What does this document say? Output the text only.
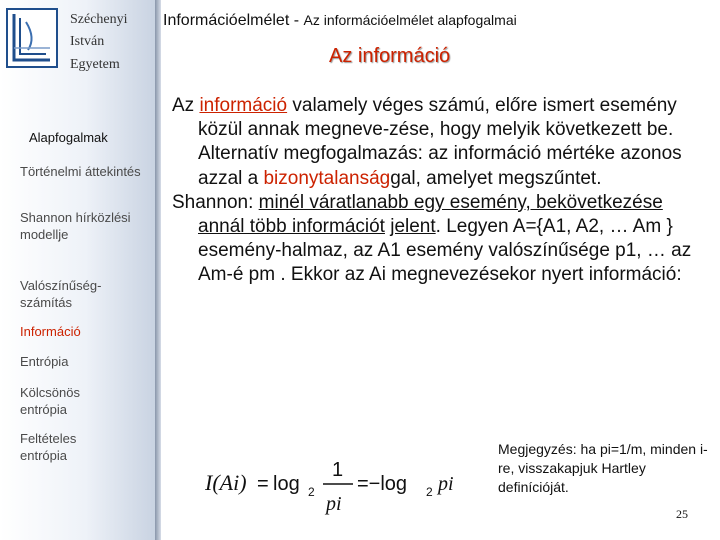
Széchenyi
István
Egyetem
Alapfogalmak
Történelmi áttekintés
Shannon hírközlési modellje
Valószínűség-számítás
Információ
Entrópia
Kölcsönös entrópia
Feltételes entrópia
Információelmélet - Az információelmélet alapfogalmai
Az információ

Az információ valamely véges számú, előre ismert esemény közül annak megneve-zése, hogy melyik következett be.

Alternatív megfogalmazás: az információ mértéke azonos azzal a bizonytalansággal, amelyet megszűntet.

Shannon: minél váratlanabb egy esemény, bekövetkezése annál több információt jelent. Legyen A={A1, A2, … Am } esemény-halmaz, az A1 esemény valószínűsége p1, … az Am-é pm . Ekkor az Ai megnevezésekor nyert információ:

I(Ai) = log 2
1
pi
=−log 2 pi
Megjegyzés: ha pi=1/m, minden i-re, visszakapjuk Hartley definícióját.
25
